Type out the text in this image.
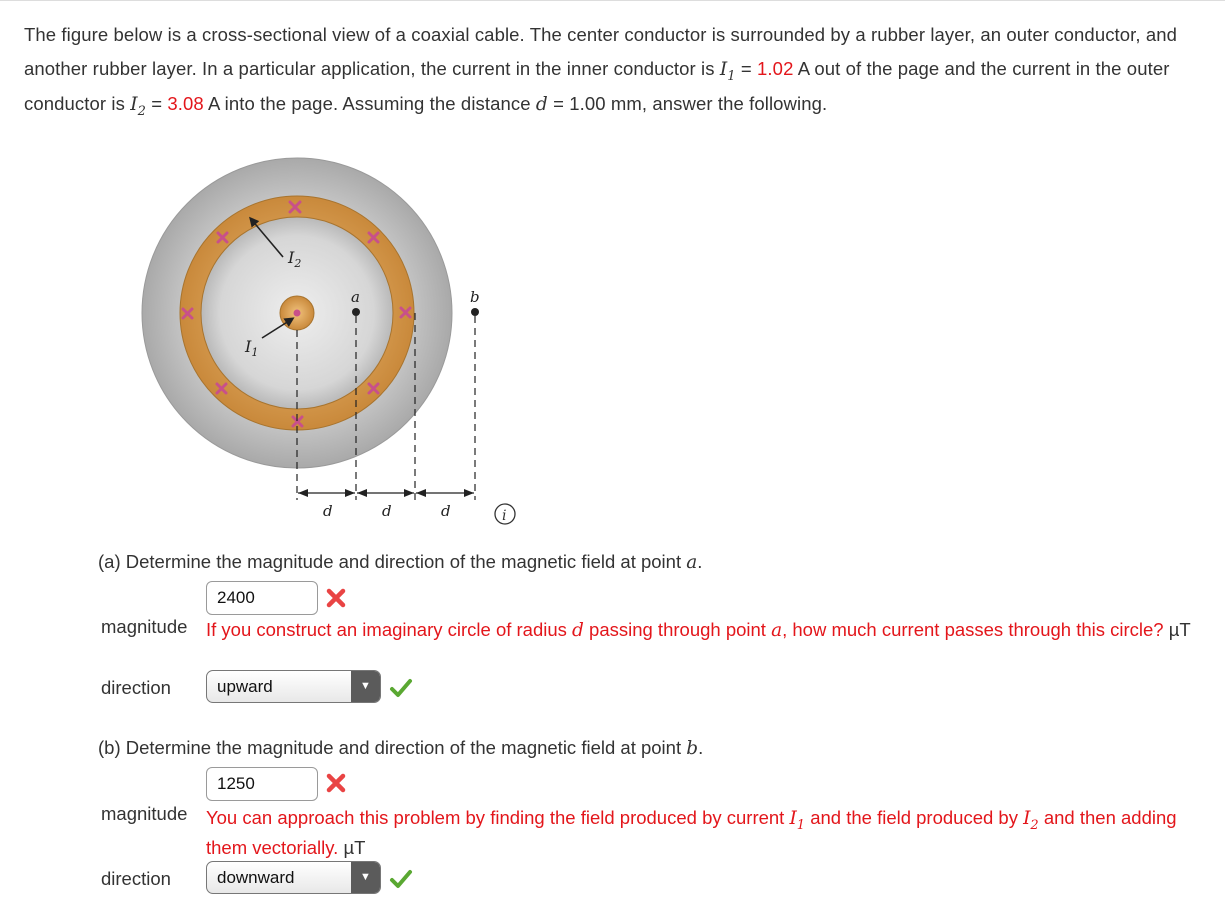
The figure below is a cross-sectional view of a coaxial cable. The center conductor is surrounded by a rubber layer, an outer conductor, and another rubber layer. In a particular application, the current in the inner conductor is $I_1 = 1.02$ A out of the page and the current in the outer conductor is $I_2 = 3.08$ A into the page. Assuming the distance d = 1.00 mm, answer the following.
$I_2$
$I_1$
a	b
d	d	d	i
(a) Determine the magnitude and direction of the magnetic field at point a.
2400
magnitude If you construct an imaginary circle of radius d passing through point a, how much current passes through this circle? µT
direction	upward	▼
(b) Determine the magnitude and direction of the magnetic field at point b.
1250
magnitude You can approach this problem by finding the field produced by current $I_1$ and the field produced by $I_2$ and then adding them vectorially. µT
direction	downward	▼
